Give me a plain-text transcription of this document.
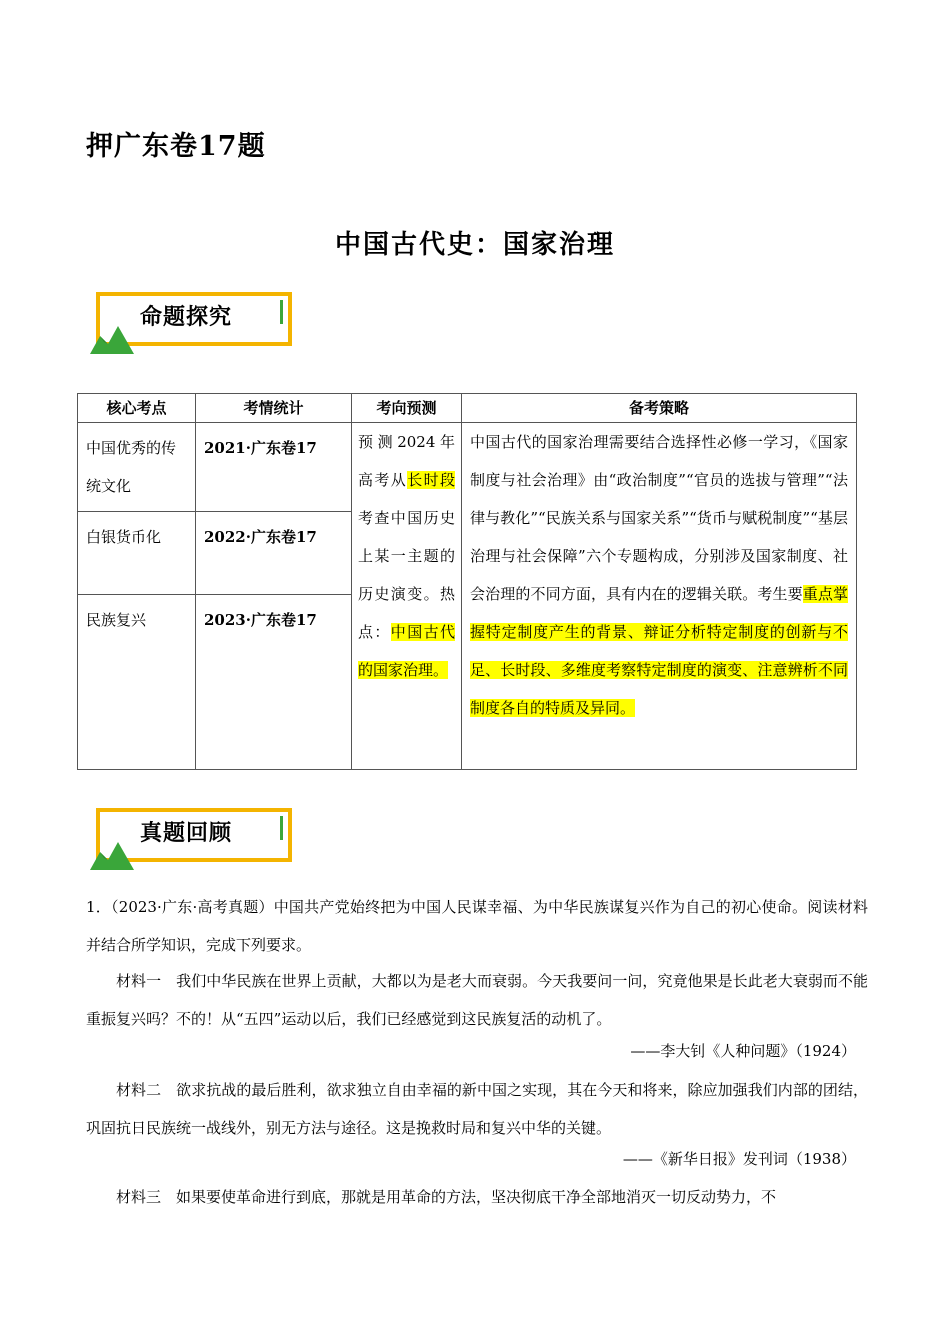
押广东卷17题
中国古代史：国家治理
命题探究
核心考点	考情统计	考向预测	备考策略
中国优秀的传统文化	2021·广东卷17	预测2024年高考从长时段考查中国历史上某一主题的历史演变。热点：中国古代的国家治理。	中国古代的国家治理需要结合选择性必修一学习，《国家制度与社会治理》由“政治制度”“官员的选拔与管理”“法律与教化”“民族关系与国家关系”“货币与赋税制度”“基层治理与社会保障”六个专题构成，分别涉及国家制度、社会治理的不同方面，具有内在的逻辑关联。考生要重点掌握特定制度产生的背景、辩证分析特定制度的创新与不足、长时段、多维度考察特定制度的演变、注意辨析不同制度各自的特质及异同。
白银货币化	2022·广东卷17		
民族复兴	2023·广东卷17		
真题回顾
1．（2023·广东·高考真题）中国共产党始终把为中国人民谋幸福、为中华民族谋复兴作为自己的初心使命。阅读材料并结合所学知识，完成下列要求。
材料一　我们中华民族在世界上贡献，大都以为是老大而衰弱。今天我要问一问，究竟他果是长此老大衰弱而不能重振复兴吗？不的！从“五四”运动以后，我们已经感觉到这民族复活的动机了。
——李大钊《人种问题》（1924）
材料二　欲求抗战的最后胜利，欲求独立自由幸福的新中国之实现，其在今天和将来，除应加强我们内部的团结，巩固抗日民族统一战线外，别无方法与途径。这是挽救时局和复兴中华的关键。
——《新华日报》发刊词（1938）
材料三　如果要使革命进行到底，那就是用革命的方法，坚决彻底干净全部地消灭一切反动势力，不
